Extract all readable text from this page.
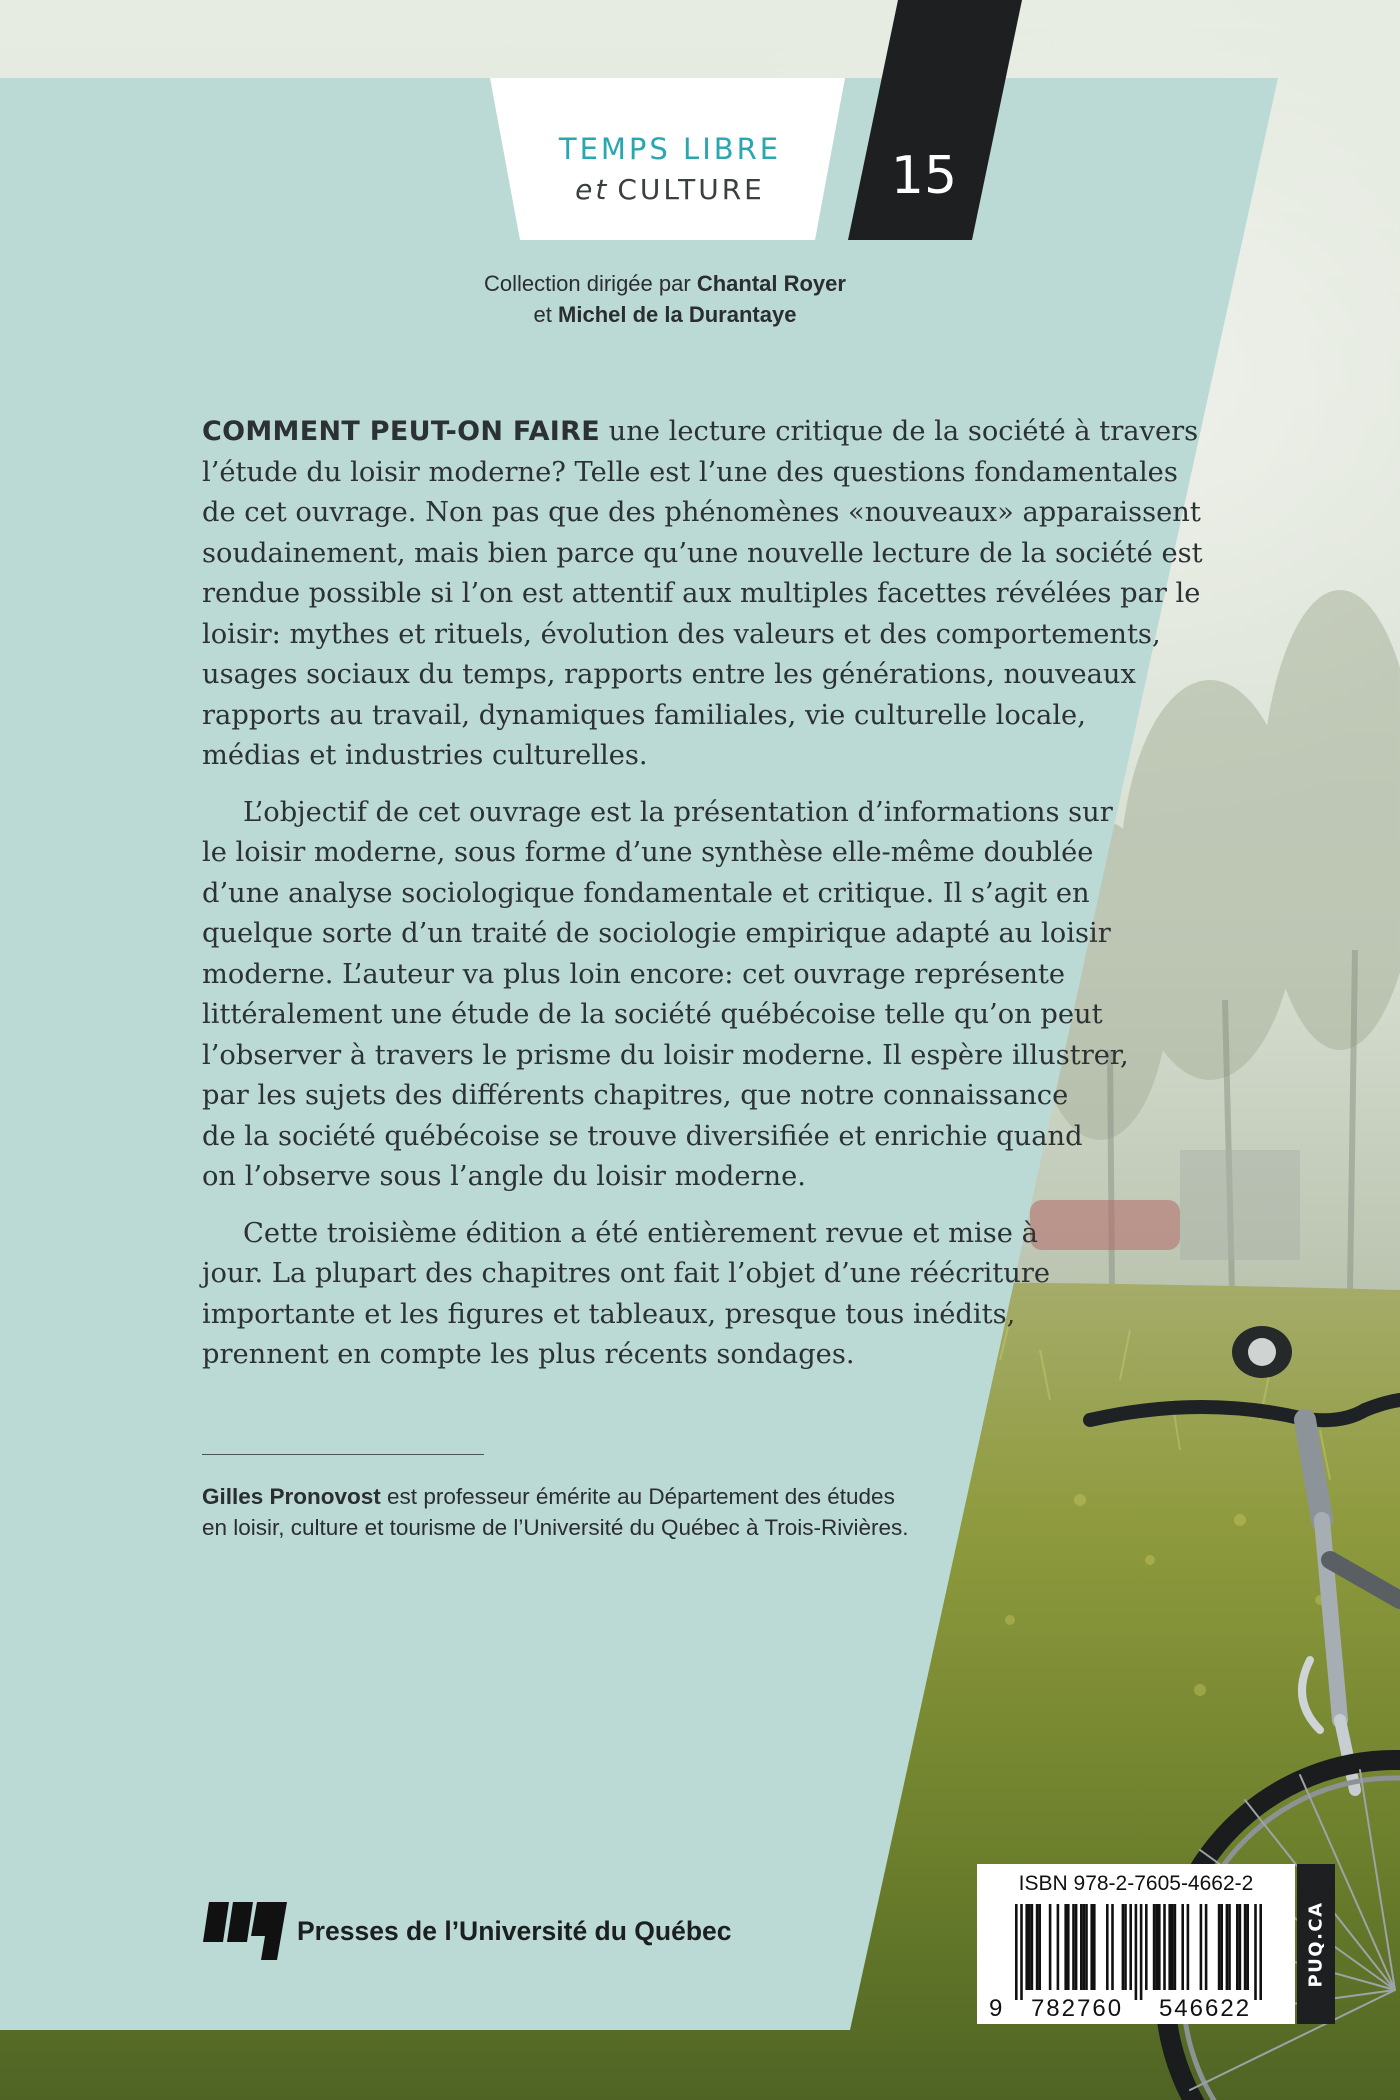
TEMPS LIBRE

et CULTURE	15

Collection dirigée par Chantal Royer
et Michel de la Durantaye

COMMENT PEUT-ON FAIRE une lecture critique de la société à travers
l’étude du loisir moderne? Telle est l’une des questions fondamentales
de cet ouvrage. Non pas que des phénomènes «nouveaux» apparaissent
soudainement, mais bien parce qu’une nouvelle lecture de la société est
rendue possible si l’on est attentif aux multiples facettes révélées par le
loisir: mythes et rituels, évolution des valeurs et des comportements,
usages sociaux du temps, rapports entre les générations, nouveaux
rapports au travail, dynamiques familiales, vie culturelle locale,
médias et industries culturelles.

L’objectif de cet ouvrage est la présentation d’informations sur
le loisir moderne, sous forme d’une synthèse elle-même doublée
d’une analyse sociologique fondamentale et critique. Il s’agit en
quelque sorte d’un traité de sociologie empirique adapté au loisir
moderne. L’auteur va plus loin encore: cet ouvrage représente
littéralement une étude de la société québécoise telle qu’on peut
l’observer à travers le prisme du loisir moderne. Il espère illustrer,
par les sujets des différents chapitres, que notre connaissance
de la société québécoise se trouve diversifiée et enrichie quand
on l’observe sous l’angle du loisir moderne.

Cette troisième édition a été entièrement revue et mise à
jour. La plupart des chapitres ont fait l’objet d’une réécriture
importante et les figures et tableaux, presque tous inédits,
prennent en compte les plus récents sondages.

Gilles Pronovost est professeur émérite au Département des études
en loisir, culture et tourisme de l’Université du Québec à Trois-Rivières.
Presses de l’Université du Québec
ISBN 978-2-7605-4662-2
9 782760 546622
PUQ.CA
